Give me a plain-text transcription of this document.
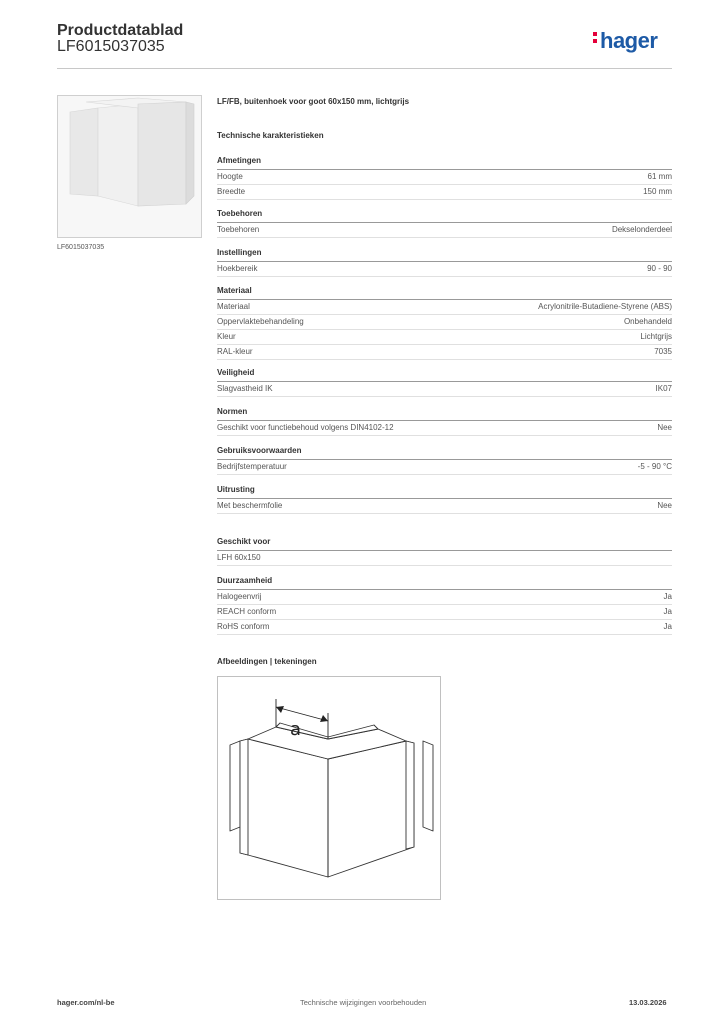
Productdatablad
LF6015037035	hager
LF6015037035
LF/FB, buitenhoek voor goot 60x150 mm, lichtgrijs
Technische karakteristieken
Afmetingen
Hoogte	61 mm
Breedte	150 mm
Toebehoren
Toebehoren	Dekselonderdeel
Instellingen
Hoekbereik	90 - 90
Materiaal
Materiaal	Acrylonitrile-Butadiene-Styrene (ABS)
Oppervlaktebehandeling	Onbehandeld
Kleur	Lichtgrijs
RAL-kleur	7035
Veiligheid
Slagvastheid IK	IK07
Normen
Geschikt voor functiebehoud volgens DIN4102-12	Nee
Gebruiksvoorwaarden
Bedrijfstemperatuur	-5 - 90 °C
Uitrusting
Met beschermfolie	Nee
Geschikt voor
LFH 60x150
Duurzaamheid
Halogeenvrij	Ja
REACH conform	Ja
RoHS conform	Ja
Afbeeldingen | tekeningen
a
hager.com/nl-be	Technische wijzigingen voorbehouden	13.03.2026
